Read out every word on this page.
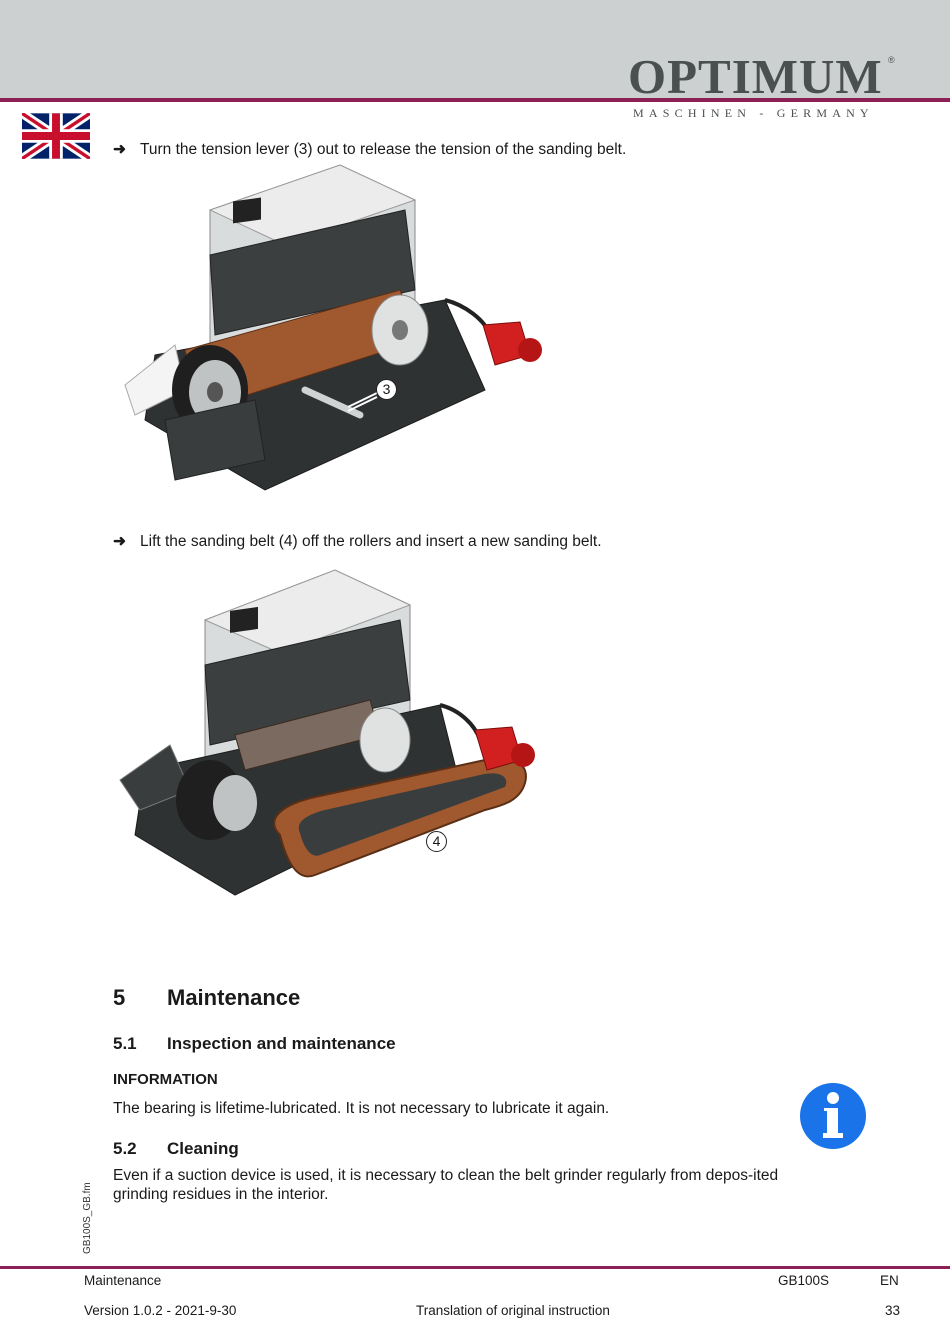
OPTIMUM ®
MASCHINEN - GERMANY
➜ Turn the tension lever (3) out to release the tension of the sanding belt.
3
➜ Lift the sanding belt (4) off the rollers and insert a new sanding belt.
4
5 Maintenance
5.1 Inspection and maintenance
INFORMATION
The bearing is lifetime-lubricated. It is not necessary to lubricate it again.
5.2 Cleaning
Even if a suction device is used, it is necessary to clean the belt grinder regularly from depos-ited grinding residues in the interior.
GB100S_GB.fm
Maintenance	GB100S	EN
Version 1.0.2 - 2021-9-30	Translation of original instruction	33
